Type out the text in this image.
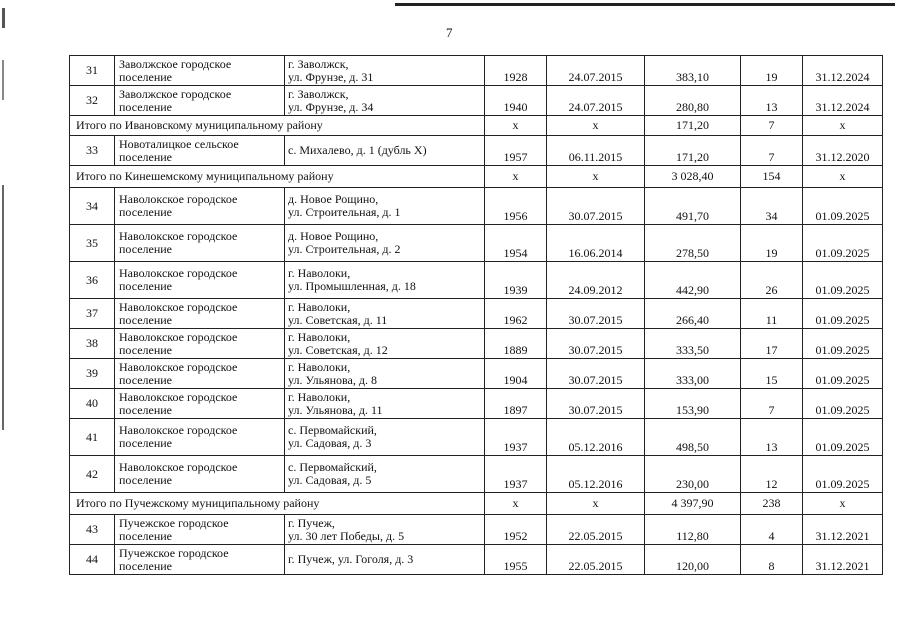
7
31	Заволжское городское поселение	г. Заволжск,
ул. Фрунзе, д. 31	1928	24.07.2015	383,10	19	31.12.2024
32	Заволжское городское поселение	г. Заволжск,
ул. Фрунзе, д. 34	1940	24.07.2015	280,80	13	31.12.2024
Итого по Ивановскому муниципальному району			х	х	171,20	7	х
33	Новоталицкое сельское поселение	с. Михалево, д. 1 (дубль Х)	1957	06.11.2015	171,20	7	31.12.2020
Итого по Кинешемскому муниципальному району			х	х	3 028,40	154	х
34	Наволокское городское поселение	д. Новое Рощино,
ул. Строительная, д. 1	1956	30.07.2015	491,70	34	01.09.2025
35	Наволокское городское поселение	д. Новое Рощино,
ул. Строительная, д. 2	1954	16.06.2014	278,50	19	01.09.2025
36	Наволокское городское поселение	г. Наволоки,
ул. Промышленная, д. 18	1939	24.09.2012	442,90	26	01.09.2025
37	Наволокское городское поселение	г. Наволоки,
ул. Советская, д. 11	1962	30.07.2015	266,40	11	01.09.2025
38	Наволокское городское поселение	г. Наволоки,
ул. Советская, д. 12	1889	30.07.2015	333,50	17	01.09.2025
39	Наволокское городское поселение	г. Наволоки,
ул. Ульянова, д. 8	1904	30.07.2015	333,00	15	01.09.2025
40	Наволокское городское поселение	г. Наволоки,
ул. Ульянова, д. 11	1897	30.07.2015	153,90	7	01.09.2025
41	Наволокское городское поселение	с. Первомайский,
ул. Садовая, д. 3	1937	05.12.2016	498,50	13	01.09.2025
42	Наволокское городское поселение	с. Первомайский,
ул. Садовая, д. 5	1937	05.12.2016	230,00	12	01.09.2025
Итого по Пучежскому муниципальному району			х	х	4 397,90	238	х
43	Пучежское городское поселение	г. Пучеж,
ул. 30 лет Победы, д. 5	1952	22.05.2015	112,80	4	31.12.2021
44	Пучежское городское поселение	г. Пучеж, ул. Гоголя, д. 3	1955	22.05.2015	120,00	8	31.12.2021
